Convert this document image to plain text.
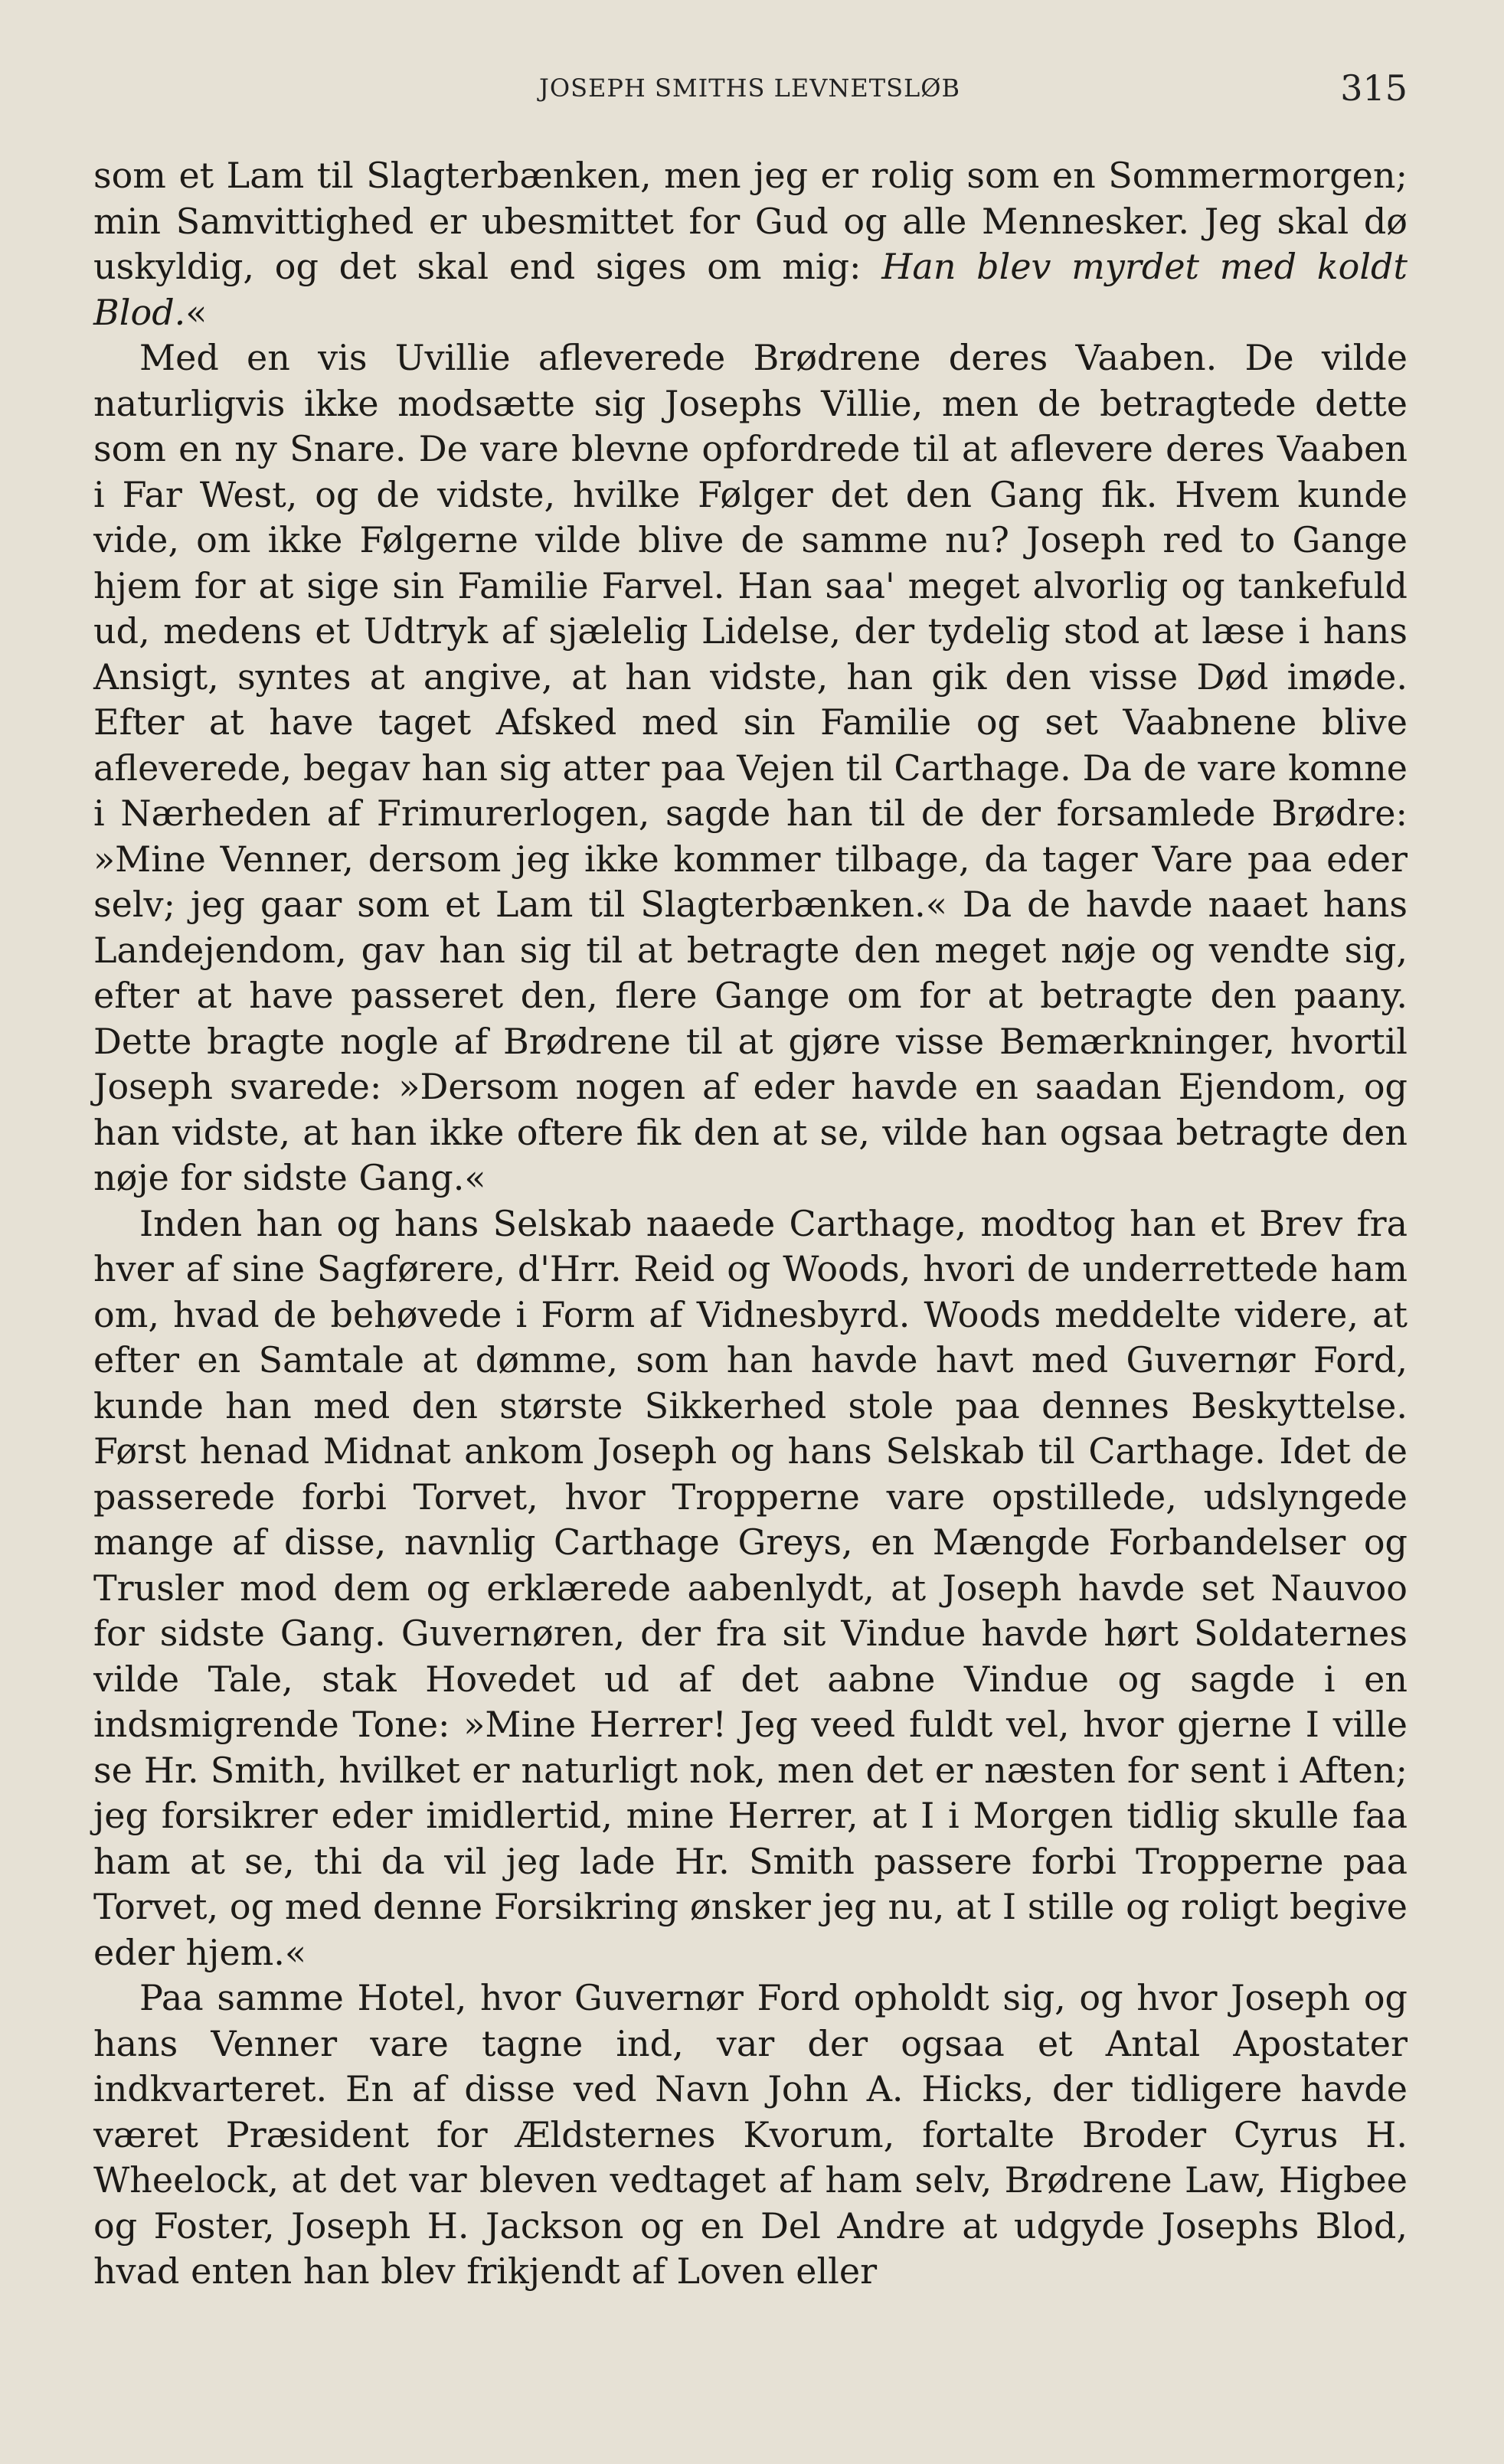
JOSEPH SMITHS LEVNETSLØB	315

som et Lam til Slagterbænken, men jeg er rolig som en Sommermorgen; min Samvittighed er ubesmittet for Gud og alle Mennesker. Jeg skal dø uskyldig, og det skal end siges om mig: Han blev myrdet med koldt Blod.«

Med en vis Uvillie afleverede Brødrene deres Vaaben. De vilde naturligvis ikke modsætte sig Josephs Villie, men de betragtede dette som en ny Snare. De vare blevne opfordrede til at aflevere deres Vaaben i Far West, og de vidste, hvilke Følger det den Gang fik. Hvem kunde vide, om ikke Følgerne vilde blive de samme nu? Joseph red to Gange hjem for at sige sin Familie Farvel. Han saa' meget alvorlig og tankefuld ud, medens et Udtryk af sjælelig Lidelse, der tydelig stod at læse i hans Ansigt, syntes at angive, at han vidste, han gik den visse Død imøde. Efter at have taget Afsked med sin Familie og set Vaabnene blive afleverede, begav han sig atter paa Vejen til Carthage. Da de vare komne i Nærheden af Frimurerlogen, sagde han til de der forsamlede Brødre: »Mine Venner, dersom jeg ikke kommer tilbage, da tager Vare paa eder selv; jeg gaar som et Lam til Slagterbænken.« Da de havde naaet hans Landejendom, gav han sig til at betragte den meget nøje og vendte sig, efter at have passeret den, flere Gange om for at betragte den paany. Dette bragte nogle af Brødrene til at gjøre visse Bemærkninger, hvortil Joseph svarede: »Dersom nogen af eder havde en saadan Ejendom, og han vidste, at han ikke oftere fik den at se, vilde han ogsaa betragte den nøje for sidste Gang.«

Inden han og hans Selskab naaede Carthage, modtog han et Brev fra hver af sine Sagførere, d'Hrr. Reid og Woods, hvori de underrettede ham om, hvad de behøvede i Form af Vidnesbyrd. Woods meddelte videre, at efter en Samtale at dømme, som han havde havt med Guvernør Ford, kunde han med den største Sikkerhed stole paa dennes Beskyttelse. Først henad Midnat ankom Joseph og hans Selskab til Carthage. Idet de passerede forbi Torvet, hvor Tropperne vare opstillede, udslyngede mange af disse, navnlig Carthage Greys, en Mængde Forbandelser og Trusler mod dem og erklærede aabenlydt, at Joseph havde set Nauvoo for sidste Gang. Guvernøren, der fra sit Vindue havde hørt Soldaternes vilde Tale, stak Hovedet ud af det aabne Vindue og sagde i en indsmigrende Tone: »Mine Herrer! Jeg veed fuldt vel, hvor gjerne I ville se Hr. Smith, hvilket er naturligt nok, men det er næsten for sent i Aften; jeg forsikrer eder imidlertid, mine Herrer, at I i Morgen tidlig skulle faa ham at se, thi da vil jeg lade Hr. Smith passere forbi Tropperne paa Torvet, og med denne Forsikring ønsker jeg nu, at I stille og roligt begive eder hjem.«

Paa samme Hotel, hvor Guvernør Ford opholdt sig, og hvor Joseph og hans Venner vare tagne ind, var der ogsaa et Antal Apostater indkvarteret. En af disse ved Navn John A. Hicks, der tidligere havde været Præsident for Ældsternes Kvorum, fortalte Broder Cyrus H. Wheelock, at det var bleven vedtaget af ham selv, Brødrene Law, Higbee og Foster, Joseph H. Jackson og en Del Andre at udgyde Josephs Blod, hvad enten han blev frikjendt af Loven eller
